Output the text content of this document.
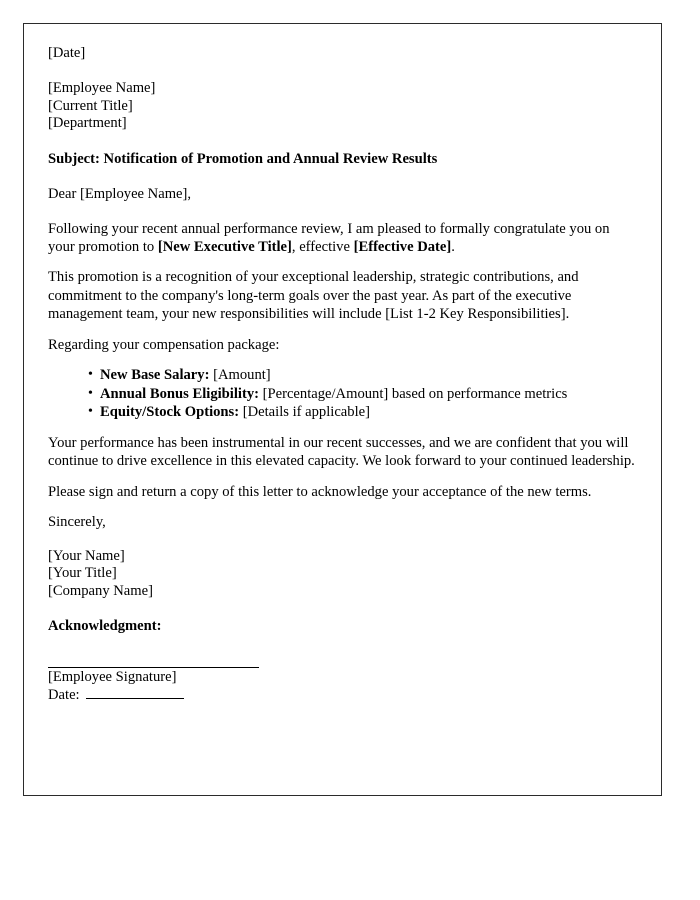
[Date]
[Employee Name]
[Current Title]
[Department]
Subject: Notification of Promotion and Annual Review Results
Dear [Employee Name],
Following your recent annual performance review, I am pleased to formally congratulate you on your promotion to [New Executive Title], effective [Effective Date].
This promotion is a recognition of your exceptional leadership, strategic contributions, and commitment to the company's long-term goals over the past year. As part of the executive management team, your new responsibilities will include [List 1-2 Key Responsibilities].
Regarding your compensation package:
• New Base Salary: [Amount]
• Annual Bonus Eligibility: [Percentage/Amount] based on performance metrics
• Equity/Stock Options: [Details if applicable]
Your performance has been instrumental in our recent successes, and we are confident that you will continue to drive excellence in this elevated capacity. We look forward to your continued leadership.
Please sign and return a copy of this letter to acknowledge your acceptance of the new terms.
Sincerely,
[Your Name]
[Your Title]
[Company Name]
Acknowledgment:
[Employee Signature]
Date:
